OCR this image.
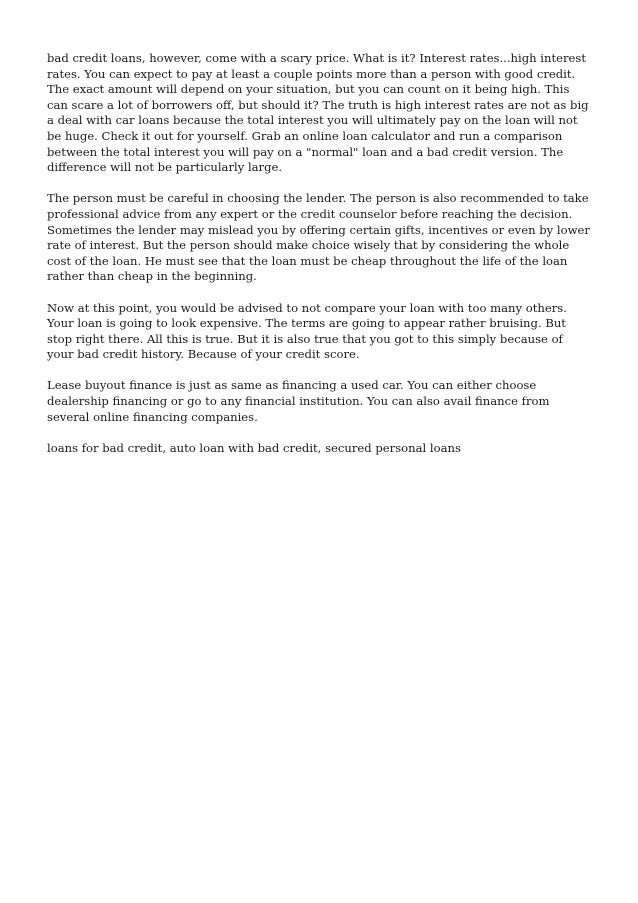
bad credit loans, however, come with a scary price. What is it? Interest rates...high interest rates. You can expect to pay at least a couple points more than a person with good credit. The exact amount will depend on your situation, but you can count on it being high. This can scare a lot of borrowers off, but should it? The truth is high interest rates are not as big a deal with car loans because the total interest you will ultimately pay on the loan will not be huge. Check it out for yourself. Grab an online loan calculator and run a comparison between the total interest you will pay on a "normal" loan and a bad credit version. The difference will not be particularly large.

The person must be careful in choosing the lender. The person is also recommended to take professional advice from any expert or the credit counselor before reaching the decision. Sometimes the lender may mislead you by offering certain gifts, incentives or even by lower rate of interest. But the person should make choice wisely that by considering the whole cost of the loan. He must see that the loan must be cheap throughout the life of the loan rather than cheap in the beginning.

Now at this point, you would be advised to not compare your loan with too many others. Your loan is going to look expensive. The terms are going to appear rather bruising. But stop right there. All this is true. But it is also true that you got to this simply because of your bad credit history. Because of your credit score.

Lease buyout finance is just as same as financing a used car. You can either choose dealership financing or go to any financial institution. You can also avail finance from several online financing companies.

loans for bad credit, auto loan with bad credit, secured personal loans
